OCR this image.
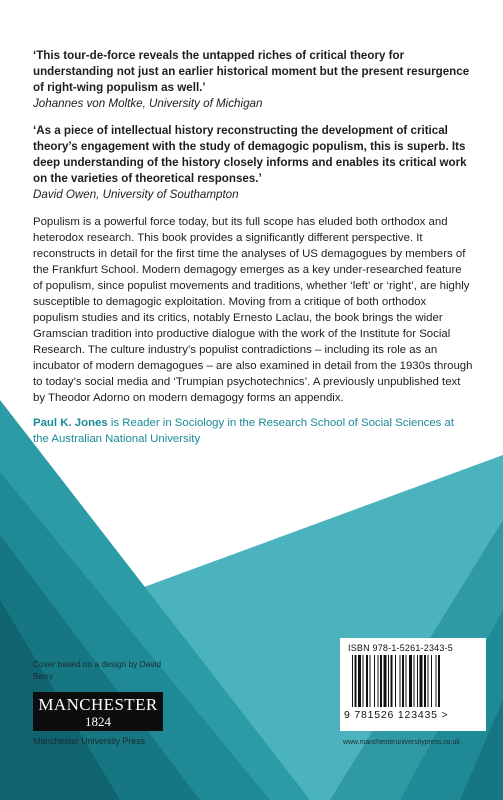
‘This tour-de-force reveals the untapped riches of critical theory for understanding not just an earlier historical moment but the present resurgence of right-wing populism as well.’

Johannes von Moltke, University of Michigan

‘As a piece of intellectual history reconstructing the development of critical theory’s engagement with the study of demagogic populism, this is superb. Its deep understanding of the history closely informs and enables its critical work on the varieties of theoretical responses.’

David Owen, University of Southampton

Populism is a powerful force today, but its full scope has eluded both orthodox and heterodox research. This book provides a significantly different perspective. It reconstructs in detail for the first time the analyses of US demagogues by members of the Frankfurt School. Modern demagogy emerges as a key under-researched feature of populism, since populist movements and traditions, whether ‘left’ or ‘right’, are highly susceptible to demagogic exploitation. Moving from a critique of both orthodox populism studies and its critics, notably Ernesto Laclau, the book brings the wider Gramscian tradition into productive dialogue with the work of the Institute for Social Research. The culture industry’s populist contradictions – including its role as an incubator of modern demagogues – are also examined in detail from the 1930s through to today’s social media and ‘Trumpian psychotechnics’. A previously unpublished text by Theodor Adorno on modern demagogy forms an appendix.

Paul K. Jones is Reader in Sociology in the Research School of Social Sciences at the Australian National University

Cover based on a design by David Berry
MANCHESTER
1824
Manchester University Press
ISBN 978-1-5261-2343-5
9 781526 123435 >
www.manchesteruniversitypress.co.uk
